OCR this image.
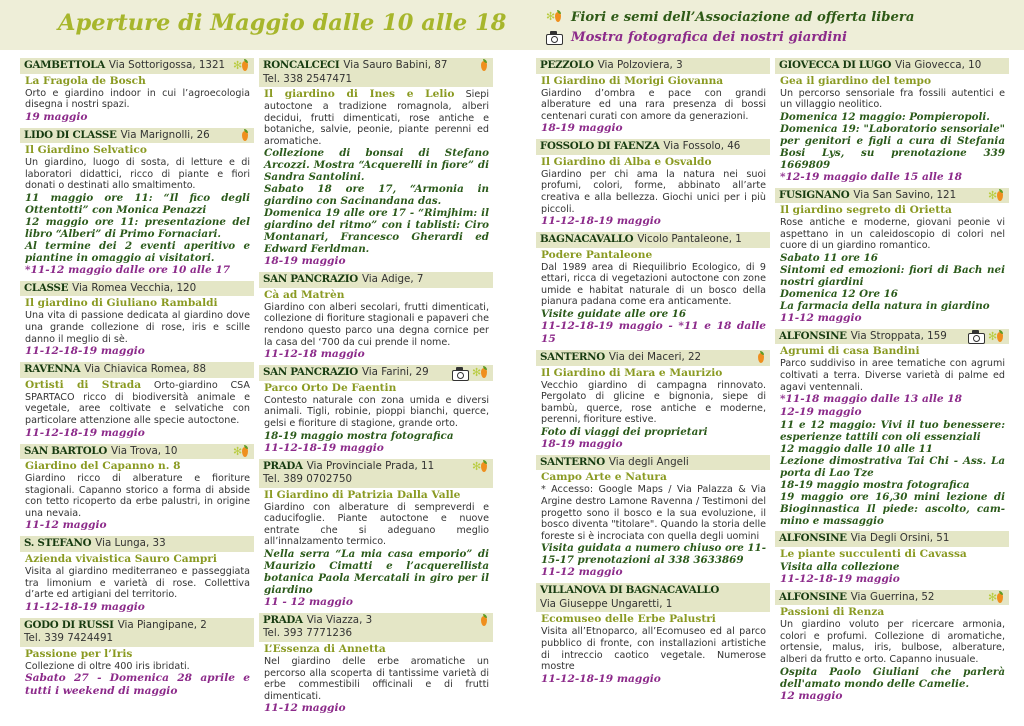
Aperture di Maggio dalle 10 alle 18	✻ Fiori e semi dell’Associazione ad offerta libera
Mostra fotografica dei nostri giardini
GAMBETTOLA Via Sottorigossa, 1321 ✻
La Fragola de Bosch
Orto e giardino indoor in cui l’agroecologia disegna i nostri spazi.
19 maggio
LIDO DI CLASSE Via Marignolli, 26
Il Giardino Selvatico
Un giardino, luogo di sosta, di letture e di laboratori didattici, ricco di piante e fiori donati o destinati allo smaltimento.
11 maggio ore 11: “Il fico degli Ottentotti” con Monica Penazzi
12 maggio ore 11: presentazione del libro “Alberi” di Primo Fornaciari.
Al termine dei 2 eventi aperitivo e piantine in omaggio ai visitatori.
*11-12 maggio dalle ore 10 alle 17
CLASSE Via Romea Vecchia, 120
Il giardino di Giuliano Rambaldi
Una vita di passione dedicata al giardino dove una grande collezione di rose, iris e scille danno il meglio di sè.
11-12-18-19 maggio
RAVENNA Via Chiavica Romea, 88
Ortisti di Strada Orto-giardino CSA SPARTACO ricco di biodiversità animale e vegetale, aree coltivate e selvatiche con particolare attenzione alle specie autoctone.
11-12-18-19 maggio
SAN BARTOLO Via Trova, 10	✻
Giardino del Capanno n. 8
Giardino ricco di alberature e fioriture stagionali. Capanno storico a forma di abside con tetto ricoperto da erbe palustri, in origine una nevaia.
11-12 maggio
S. STEFANO Via Lunga, 33
Azienda vivaistica Sauro Campri
Visita al giardino mediterraneo e passeggiata tra limonium e varietà di rose. Collettiva d’arte ed artigiani del territorio.
11-12-18-19 maggio
GODO DI RUSSI Via Piangipane, 2
Tel. 339 7424491
Passione per l’Iris
Collezione di oltre 400 iris ibridati.
Sabato 27 - Domenica 28 aprile e tutti i weekend di maggio
RONCALCECI Via Sauro Babini, 87
Tel. 338 2547471
Il giardino di Ines e Lelio Siepi autoctone a tradizione romagnola, alberi decidui, frutti dimenticati, rose antiche e botaniche, salvie, peonie, piante perenni ed aromatiche.
Collezione di bonsai di Stefano Arcozzi. Mostra “Acquerelli in fiore” di Sandra Santolini.
Sabato 18 ore 17, “Armonia in giardino con Sacinandana das.
Domenica 19 alle ore 17 - “Rimjhim: il giardino del ritmo” con i tablisti: Ciro Montanari, Francesco Gherardi ed Edward Ferldman.
18-19 maggio
SAN PANCRAZIO Via Adige, 7
Cà ad Matrèn
Giardino con alberi secolari, frutti dimenticati, collezione di fioriture stagionali e papaveri che rendono questo parco una degna cornice per la casa del ‘700 da cui prende il nome.
11-12-18 maggio
SAN PANCRAZIO Via Farini, 29	✻
Parco Orto De Faentin
Contesto naturale con zona umida e diversi animali. Tigli, robinie, pioppi bianchi, querce, gelsi e fioriture di stagione, grande orto.
18-19 maggio mostra fotografica
11-12-18-19 maggio
PRADA Via Provinciale Prada, 11
Tel. 389 0702750
✻
Il Giardino di Patrizia Dalla Valle
Giardino con alberature di sempreverdi e caducifoglie. Piante autoctone e nuove entrate che si adeguano meglio all’innalzamento termico.
Nella serra “La mia casa emporio” di Maurizio Cimatti e l’acquerellista botanica Paola Mercatali in giro per il giardino
11 - 12 maggio
PRADA Via Viazza, 3
Tel. 393 7771236
L’Essenza di Annetta
Nel giardino delle erbe aromatiche un percorso alla scoperta di tantissime varietà di erbe commestibili officinali e di frutti dimenticati.
11-12 maggio
PEZZOLO Via Polzoviera, 3
Il Giardino di Morigi Giovanna
Giardino d’ombra e pace con grandi alberature ed una rara presenza di bossi centenari curati con amore da generazioni.
18-19 maggio
FOSSOLO DI FAENZA Via Fossolo, 46
Il Giardino di Alba e Osvaldo
Giardino per chi ama la natura nei suoi profumi, colori, forme, abbinato all’arte creativa e alla bellezza. Giochi unici per i più piccoli.
11-12-18-19 maggio
BAGNACAVALLO Vicolo Pantaleone, 1
Podere Pantaleone
Dal 1989 area di Riequilibrio Ecologico, di 9 ettari, ricca di vegetazioni autoctone con zone umide e habitat naturale di un bosco della pianura padana come era anticamente.
Visite guidate alle ore 16
11-12-18-19 maggio - *11 e 18 dalle 15
SANTERNO Via dei Maceri, 22
Il Giardino di Mara e Maurizio
Vecchio giardino di campagna rinnovato. Pergolato di glicine e bignonia, siepe di bambù, querce, rose antiche e moderne, perenni, fioriture estive.
Foto di viaggi dei proprietari
18-19 maggio
SANTERNO Via degli Angeli
Campo Arte e Natura
* Accesso: Google Maps / Via Palazza & Via Argine destro Lamone Ravenna / Testimoni del progetto sono il bosco e la sua evoluzione, il bosco diventa "titolare". Quando la storia delle foreste si è incrociata con quella degli uomini
Visita guidata a numero chiuso ore 11-15-17 prenotazioni al 338 3633869
11-12 maggio
VILLANOVA DI BAGNACAVALLO
Via Giuseppe Ungaretti, 1
Ecomuseo delle Erbe Palustri
Visita all’Etnoparco, all’Ecomuseo ed al parco pubblico di fronte, con installazioni artistiche di intreccio caotico vegetale. Numerose mostre
11-12-18-19 maggio
GIOVECCA DI LUGO Via Giovecca, 10
Gea il giardino del tempo
Un percorso sensoriale fra fossili autentici e un villaggio neolitico.
Domenica 12 maggio: Pompieropoli.
Domenica 19: "Laboratorio sensoriale" per genitori e figli a cura di Stefania Bosi Lys, su prenotazione 339 1669809
*12-19 maggio dalle 15 alle 18
FUSIGNANO Via San Savino, 121	✻
Il giardino segreto di Orietta
Rose antiche e moderne, giovani peonie vi aspettano in un caleidoscopio di colori nel cuore di un giardino romantico.
Sabato 11 ore 16
Sintomi ed emozioni: fiori di Bach nei nostri giardini
Domenica 12 Ore 16
La farmacia della natura in giardino
11-12 maggio
ALFONSINE Via Stroppata, 159	✻
Agrumi di casa Bandini
Parco suddiviso in aree tematiche con agrumi coltivati a terra. Diverse varietà di palme ed agavi ventennali.
*11-18 maggio dalle 13 alle 18
12-19 maggio
11 e 12 maggio: Vivi il tuo benessere: esperienze tattili con oli essenziali
12 maggio dalle 10 alle 11
Lezione dimostrativa Tai Chi - Ass. La porta di Lao Tze
18-19 maggio mostra fotografica
19 maggio ore 16,30 mini lezione di Bioginnastica Il piede: ascolto, cam-mino e massaggio
ALFONSINE Via Degli Orsini, 51
Le piante succulenti di Cavassa
Visita alla collezione
11-12-18-19 maggio
ALFONSINE Via Guerrina, 52	✻
Passioni di Renza
Un giardino voluto per ricercare armonia, colori e profumi. Collezione di aromatiche, ortensie, malus, iris, bulbose, alberature, alberi da frutto e orto. Capanno inusuale.
Ospita Paolo Giuliani che parlerà dell'amato mondo delle Camelie.
12 maggio
